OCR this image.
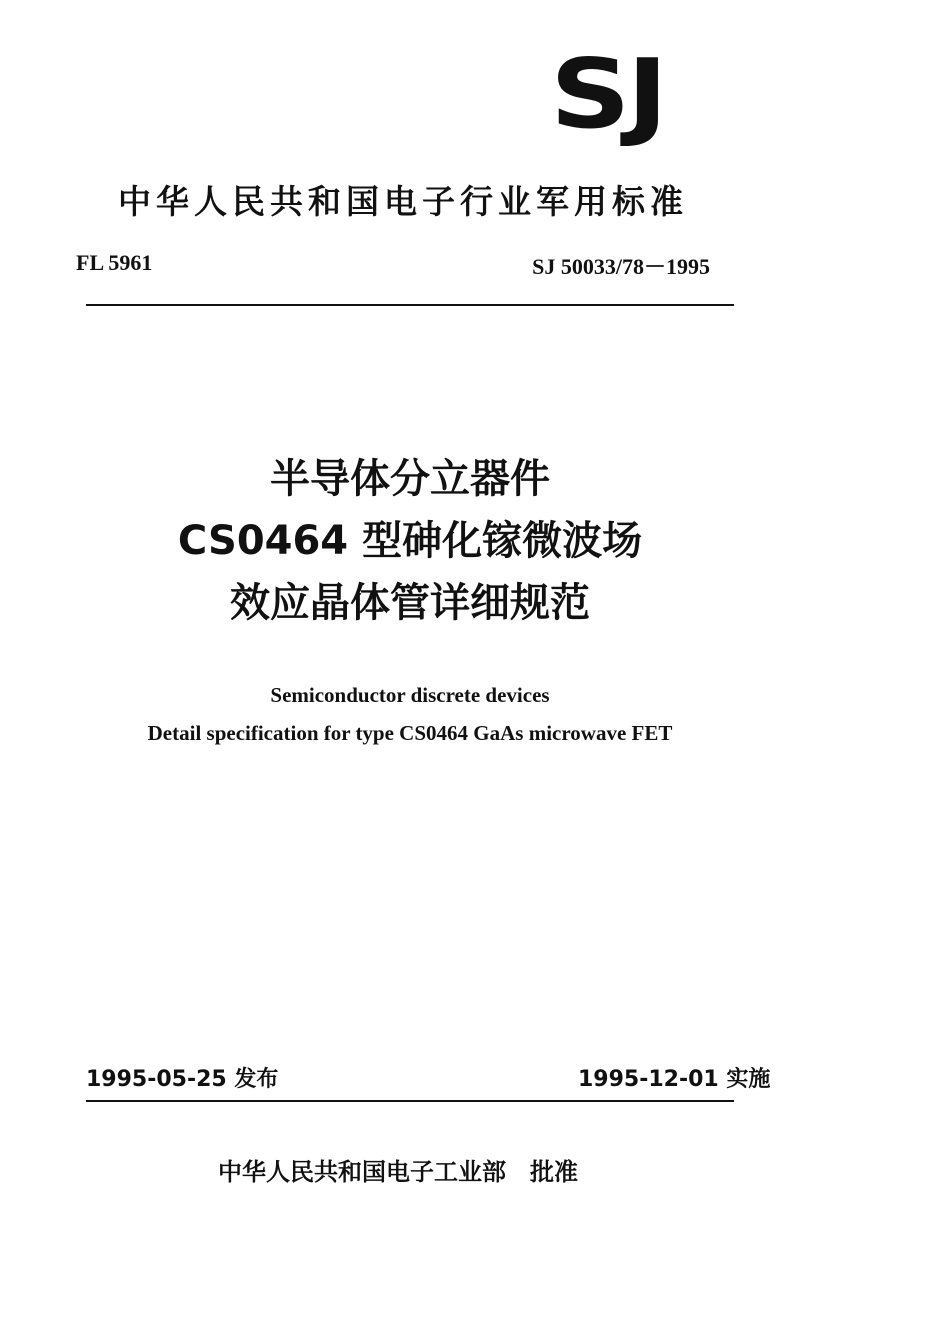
SJ
中华人民共和国电子行业军用标准
FL 5961	SJ 50033/78－1995
半导体分立器件
CS0464 型砷化镓微波场
效应晶体管详细规范
Semiconductor discrete devices
Detail specification for type CS0464 GaAs microwave FET
1995-05-25 发布	1995-12-01 实施
中华人民共和国电子工业部 批准
